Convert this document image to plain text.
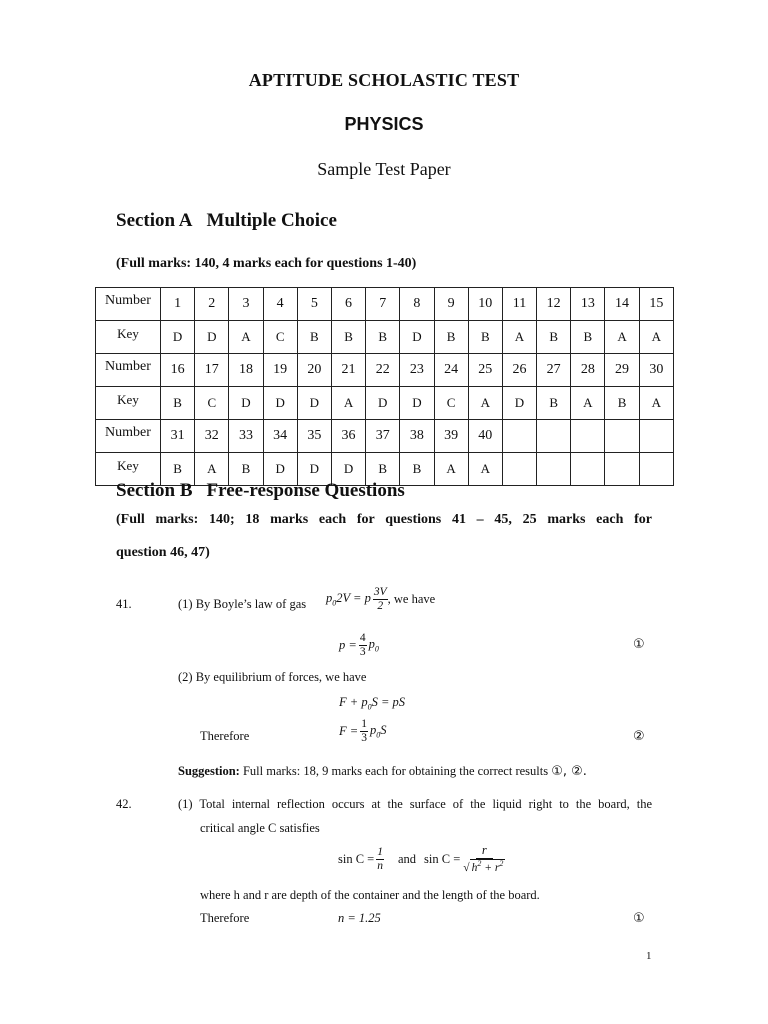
APTITUDE SCHOLASTIC TEST
PHYSICS
Sample Test Paper
Section A Multiple Choice
(Full marks: 140, 4 marks each for questions 1-40)
Number	1	2	3	4	5	6	7	8	9	10	11	12	13	14	15
Key	D	D	A	C	B	B	B	D	B	B	A	B	B	A	A
Number	16	17	18	19	20	21	22	23	24	25	26	27	28	29	30
Key	B	C	D	D	D	A	D	D	C	A	D	B	A	B	A
Number	31	32	33	34	35	36	37	38	39	40					
Key	B	A	B	D	D	D	B	B	A	A					
Section B Free-response Questions
(Full marks: 140; 18 marks each for questions 41 – 45, 25 marks each for
question 46, 47)
41.	(1) By Boyle’s law of gas $p_02V = p \frac{3V}{2}$ , we have
$p = \frac{4}{3} p_0$	①
(2) By equilibrium of forces, we have
$F + p_0S$ = pS
Therefore	$F = \frac{1}{3} p_0S$	②
Suggestion: Full marks: 18, 9 marks each for obtaining the correct results ①, ②.
42.	(1) Total internal reflection occurs at the surface of the liquid right to the board, the
critical angle C satisfies
$\sin C = \frac{1}{n}$ and $\sin C = \frac{r}{√ h^2 + r^2}$
where h and r are depth of the container and the length of the board.
Therefore	n = 1.25	①
1
